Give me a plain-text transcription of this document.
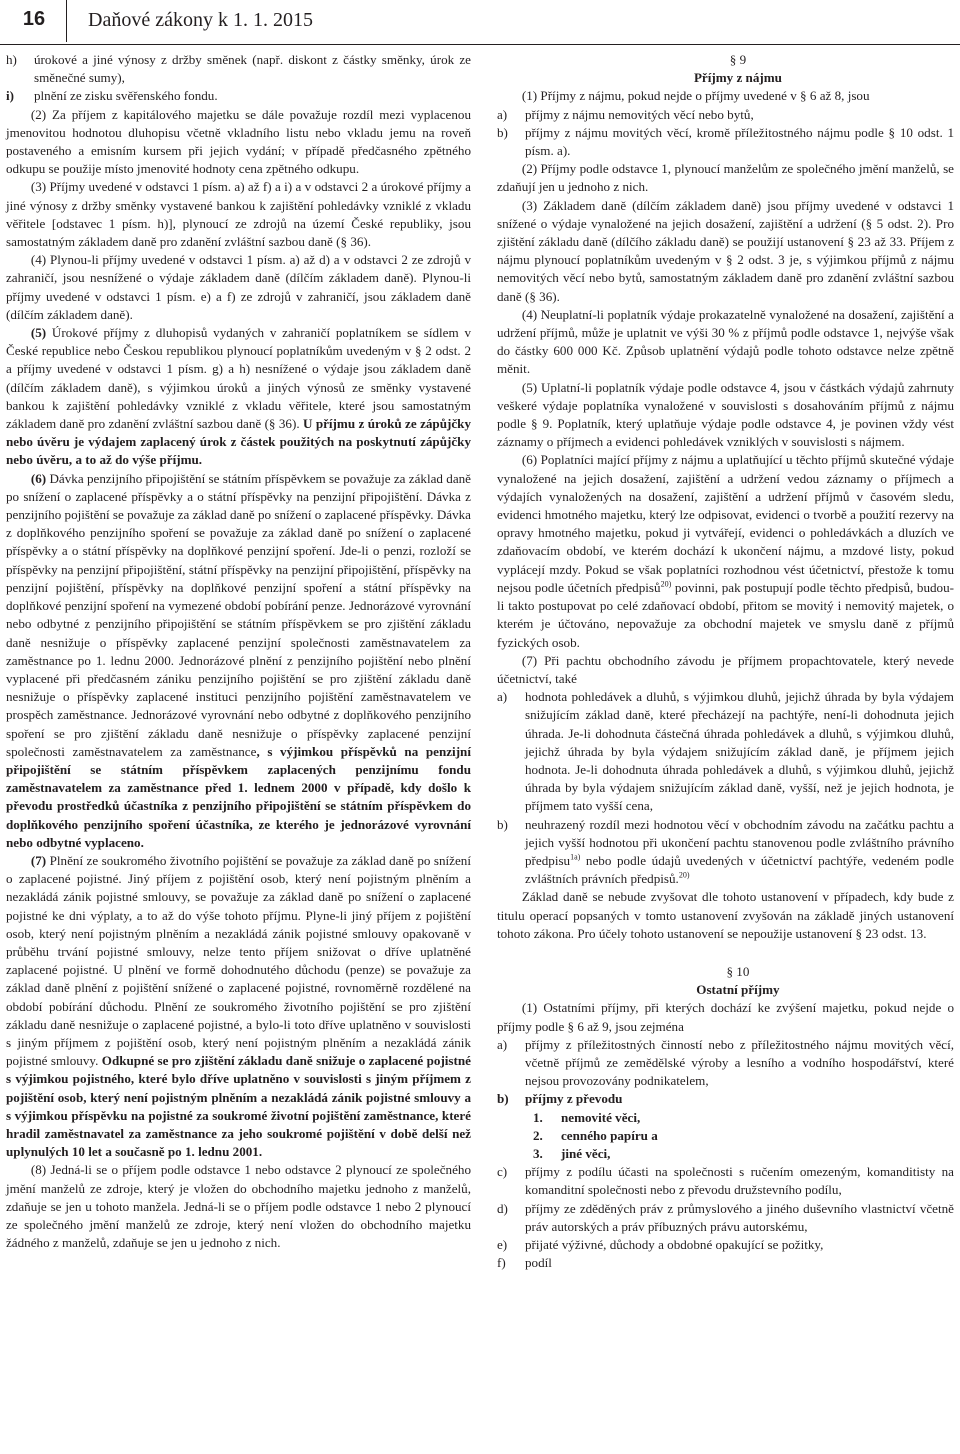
16	Daňové zákony k 1. 1. 2015

h) úrokové a jiné výnosy z držby směnek (např. diskont z částky směnky, úrok ze směnečné sumy),

i) plnění ze zisku svěřenského fondu.

(2) Za příjem z kapitálového majetku se dále považuje rozdíl mezi vyplacenou jmenovitou hodnotou dluhopisu včetně vkladního listu nebo vkladu jemu na roveň postaveného a emisním kursem při jejich vydání; v případě předčasného zpětného odkupu se použije místo jmenovité hodnoty cena zpětného odkupu.

(3) Příjmy uvedené v odstavci 1 písm. a) až f) a i) a v odstavci 2 a úrokové příjmy a jiné výnosy z držby směnky vystavené bankou k zajištění pohledávky vzniklé z vkladu věřitele [odstavec 1 písm. h)], plynoucí ze zdrojů na území České republiky, jsou samostatným základem daně pro zdanění zvláštní sazbou daně (§ 36).

(4) Plynou-li příjmy uvedené v odstavci 1 písm. a) až d) a v odstavci 2 ze zdrojů v zahraničí, jsou nesnížené o výdaje základem daně (dílčím základem daně). Plynou-li příjmy uvedené v odstavci 1 písm. e) a f) ze zdrojů v zahraničí, jsou základem daně (dílčím základem daně).

(5) Úrokové příjmy z dluhopisů vydaných v zahraničí poplatníkem se sídlem v České republice nebo Českou republikou plynoucí poplatníkům uvedeným v § 2 odst. 2 a příjmy uvedené v odstavci 1 písm. g) a h) nesnížené o výdaje jsou základem daně (dílčím základem daně), s výjimkou úroků a jiných výnosů ze směnky vystavené bankou k zajištění pohledávky vzniklé z vkladu věřitele, které jsou samostatným základem daně pro zdanění zvláštní sazbou daně (§ 36). U příjmu z úroků ze zápůjčky nebo úvěru je výdajem zaplacený úrok z částek použitých na poskytnutí zápůjčky nebo úvěru, a to až do výše příjmu.

(6) Dávka penzijního připojištění se státním příspěvkem se považuje za základ daně po snížení o zaplacené příspěvky a o státní příspěvky na penzijní připojištění. Dávka z penzijního pojištění se považuje za základ daně po snížení o zaplacené příspěvky. Dávka z doplňkového penzijního spoření se považuje za základ daně po snížení o zaplacené příspěvky a o státní příspěvky na doplňkové penzijní spoření. Jde-li o penzi, rozloží se příspěvky na penzijní připojištění, státní příspěvky na penzijní připojištění, příspěvky na penzijní pojištění, příspěvky na doplňkové penzijní spoření a státní příspěvky na doplňkové penzijní spoření na vymezené období pobírání penze. Jednorázové vyrovnání nebo odbytné z penzijního připojištění se státním příspěvkem se pro zjištění základu daně nesnižuje o příspěvky zaplacené penzijní společnosti zaměstnavatelem za zaměstnance po 1. lednu 2000. Jednorázové plnění z penzijního pojištění nebo plnění vyplacené při předčasném zániku penzijního pojištění se pro zjištění základu daně nesnižuje o příspěvky zaplacené instituci penzijního pojištění zaměstnavatelem ve prospěch zaměstnance. Jednorázové vyrovnání nebo odbytné z doplňkového penzijního spoření se pro zjištění základu daně nesnižuje o příspěvky zaplacené penzijní společnosti zaměstnavatelem za zaměstnance, s výjimkou příspěvků na penzijní připojištění se státním příspěvkem zaplacených penzijnímu fondu zaměstnavatelem za zaměstnance před 1. lednem 2000 v případě, kdy došlo k převodu prostředků účastníka z penzijního připojištění se státním příspěvkem do doplňkového penzijního spoření účastníka, ze kterého je jednorázové vyrovnání nebo odbytné vyplaceno.

(7) Plnění ze soukromého životního pojištění se považuje za základ daně po snížení o zaplacené pojistné. Jiný příjem z pojištění osob, který není pojistným plněním a nezakládá zánik pojistné smlouvy, se považuje za základ daně po snížení o zaplacené pojistné ke dni výplaty, a to až do výše tohoto příjmu. Plyne-li jiný příjem z pojištění osob, který není pojistným plněním a nezakládá zánik pojistné smlouvy opakovaně v průběhu trvání pojistné smlouvy, nelze tento příjem snižovat o dříve uplatněné zaplacené pojistné. U plnění ve formě dohodnutého důchodu (penze) se považuje za základ daně plnění z pojištění snížené o zaplacené pojistné, rovnoměrně rozdělené na období pobírání důchodu. Plnění ze soukromého životního pojištění se pro zjištění základu daně nesnižuje o zaplacené pojistné, a bylo-li toto dříve uplatněno v souvislosti s jiným příjmem z pojištění osob, který není pojistným plněním a nezakládá zánik pojistné smlouvy. Odkupné se pro zjištění základu daně snižuje o zaplacené pojistné s výjimkou pojistného, které bylo dříve uplatněno v souvislosti s jiným příjmem z pojištění osob, který není pojistným plněním a nezakládá zánik pojistné smlouvy a s výjimkou příspěvku na pojistné za soukromé životní pojištění zaměstnance, které hradil zaměstnavatel za zaměstnance za jeho soukromé pojištění v době delší než uplynulých 10 let a současně po 1. lednu 2001.

(8) Jedná-li se o příjem podle odstavce 1 nebo odstavce 2 plynoucí ze společného jmění manželů ze zdroje, který je vložen do obchodního majetku jednoho z manželů, zdaňuje se jen u tohoto manžela. Jedná-li se o příjem podle odstavce 1 nebo 2 plynoucí ze společného jmění manželů ze zdroje, který není vložen do obchodního majetku žádného z manželů, zdaňuje se jen u jednoho z nich.

§ 9

Příjmy z nájmu

(1) Příjmy z nájmu, pokud nejde o příjmy uvedené v § 6 až 8, jsou

a) příjmy z nájmu nemovitých věcí nebo bytů,

b) příjmy z nájmu movitých věcí, kromě příležitostného nájmu podle § 10 odst. 1 písm. a).

(2) Příjmy podle odstavce 1, plynoucí manželům ze společného jmění manželů, se zdaňují jen u jednoho z nich.

(3) Základem daně (dílčím základem daně) jsou příjmy uvedené v odstavci 1 snížené o výdaje vynaložené na jejich dosažení, zajištění a udržení (§ 5 odst. 2). Pro zjištění základu daně (dílčího základu daně) se použijí ustanovení § 23 až 33. Příjem z nájmu plynoucí poplatníkům uvedeným v § 2 odst. 3 je, s výjimkou příjmů z nájmu nemovitých věcí nebo bytů, samostatným základem daně pro zdanění zvláštní sazbou daně (§ 36).

(4) Neuplatní-li poplatník výdaje prokazatelně vynaložené na dosažení, zajištění a udržení příjmů, může je uplatnit ve výši 30 % z příjmů podle odstavce 1, nejvýše však do částky 600 000 Kč. Způsob uplatnění výdajů podle tohoto odstavce nelze zpětně měnit.

(5) Uplatní-li poplatník výdaje podle odstavce 4, jsou v částkách výdajů zahrnuty veškeré výdaje poplatníka vynaložené v souvislosti s dosahováním příjmů z nájmu podle § 9. Poplatník, který uplatňuje výdaje podle odstavce 4, je povinen vždy vést záznamy o příjmech a evidenci pohledávek vzniklých v souvislosti s nájmem.

(6) Poplatníci mající příjmy z nájmu a uplatňující u těchto příjmů skutečné výdaje vynaložené na jejich dosažení, zajištění a udržení vedou záznamy o příjmech a výdajích vynaložených na dosažení, zajištění a udržení příjmů v časovém sledu, evidenci hmotného majetku, který lze odpisovat, evidenci o tvorbě a použití rezervy na opravy hmotného majetku, pokud ji vytvářejí, evidenci o pohledávkách a dluzích ve zdaňovacím období, ve kterém dochází k ukončení nájmu, a mzdové listy, pokud vyplácejí mzdy. Pokud se však poplatníci rozhodnou vést účetnictví, přestože k tomu nejsou podle účetních předpisů$^{20)}$ povinni, pak postupují podle těchto předpisů, budou-li takto postupovat po celé zdaňovací období, přitom se movitý i nemovitý majetek, o kterém je účtováno, nepovažuje za obchodní majetek ve smyslu daně z příjmů fyzických osob.

(7) Při pachtu obchodního závodu je příjmem propachtovatele, který nevede účetnictví, také

a) hodnota pohledávek a dluhů, s výjimkou dluhů, jejichž úhrada by byla výdajem snižujícím základ daně, které přecházejí na pachtýře, není-li dohodnuta jejich úhrada. Je-li dohodnuta částečná úhrada pohledávek a dluhů, s výjimkou dluhů, jejichž úhrada by byla výdajem snižujícím základ daně, je příjmem jejich hodnota. Je-li dohodnuta úhrada pohledávek a dluhů, s výjimkou dluhů, jejichž úhrada by byla výdajem snižujícím základ daně, vyšší, než je jejich hodnota, je příjmem tato vyšší cena,

b) neuhrazený rozdíl mezi hodnotou věcí v obchodním závodu na začátku pachtu a jejich vyšší hodnotou při ukončení pachtu stanovenou podle zvláštního právního předpisu$^{1a)}$ nebo podle údajů uvedených v účetnictví pachtýře, vedeném podle zvláštních právních předpisů.$^{20)}$

Základ daně se nebude zvyšovat dle tohoto ustanovení v případech, kdy bude z titulu operací popsaných v tomto ustanovení zvyšován na základě jiných ustanovení tohoto zákona. Pro účely tohoto ustanovení se nepoužije ustanovení § 23 odst. 13.

§ 10

Ostatní příjmy

(1) Ostatními příjmy, při kterých dochází ke zvýšení majetku, pokud nejde o příjmy podle § 6 až 9, jsou zejména

a) příjmy z příležitostných činností nebo z příležitostného nájmu movitých věcí, včetně příjmů ze zemědělské výroby a lesního a vodního hospodářství, které nejsou provozovány podnikatelem,

b) příjmy z převodu

1. nemovité věci,

2. cenného papíru a

3. jiné věci,

c) příjmy z podílu účasti na společnosti s ručením omezeným, komanditisty na komanditní společnosti nebo z převodu družstevního podílu,

d) příjmy ze zděděných práv z průmyslového a jiného duševního vlastnictví včetně práv autorských a práv příbuzných právu autorskému,

e) přijaté výživné, důchody a obdobné opakující se požitky,

f) podíl
